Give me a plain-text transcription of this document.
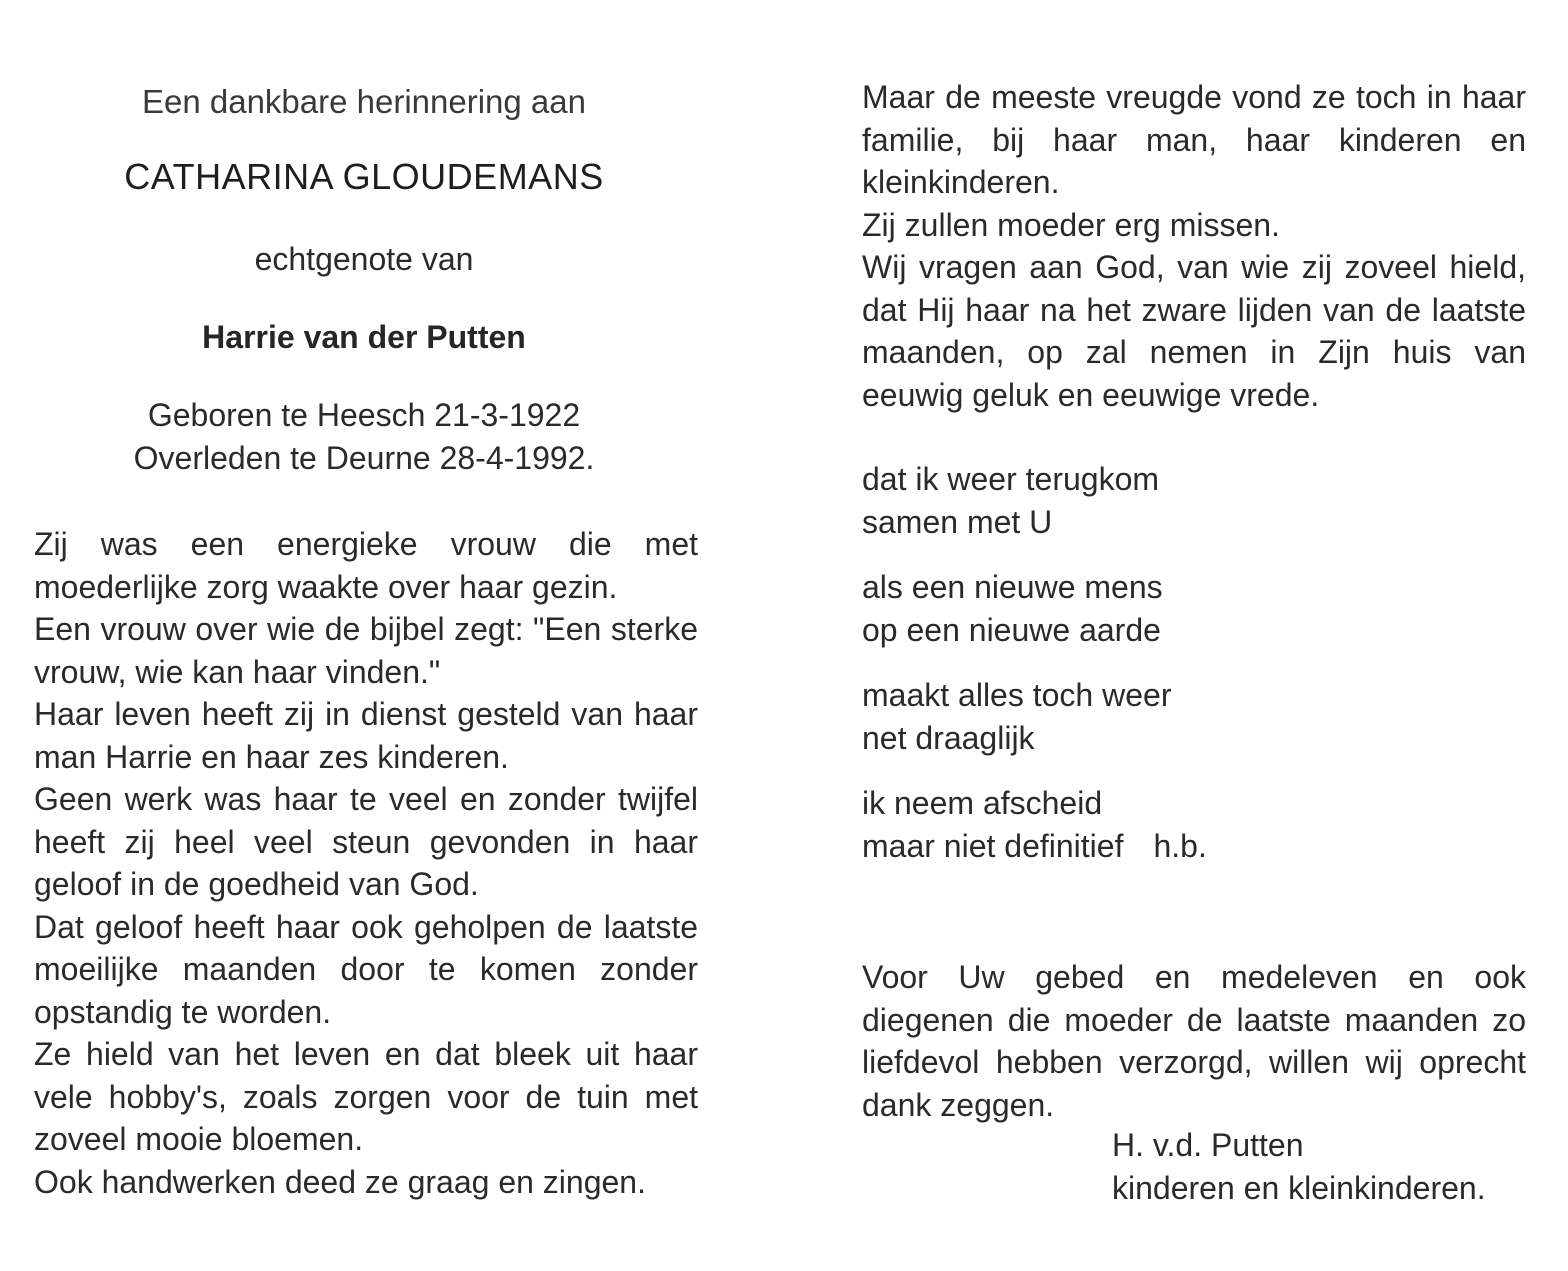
Een dankbare herinnering aan

CATHARINA GLOUDEMANS

echtgenote van

Harrie van der Putten

Geboren te Heesch 21-3-1922
Overleden te Deurne 28-4-1992.

Zij was een energieke vrouw die met moederlijke zorg waakte over haar gezin.

Een vrouw over wie de bijbel zegt: "Een sterke vrouw, wie kan haar vinden."

Haar leven heeft zij in dienst gesteld van haar man Harrie en haar zes kinderen.

Geen werk was haar te veel en zonder twijfel heeft zij heel veel steun gevonden in haar geloof in de goedheid van God.

Dat geloof heeft haar ook geholpen de laatste moeilijke maanden door te komen zonder opstandig te worden.

Ze hield van het leven en dat bleek uit haar vele hobby's, zoals zorgen voor de tuin met zoveel mooie bloemen.

Ook handwerken deed ze graag en zingen.

Maar de meeste vreugde vond ze toch in haar familie, bij haar man, haar kinderen en kleinkinderen.

Zij zullen moeder erg missen.

Wij vragen aan God, van wie zij zoveel hield, dat Hij haar na het zware lijden van de laatste maanden, op zal nemen in Zijn huis van eeuwig geluk en eeuwige vrede.

dat ik weer terugkom
samen met U
als een nieuwe mens
op een nieuwe aarde
maakt alles toch weer
net draaglijk
ik neem afscheid
maar niet definitief h.b.

Voor Uw gebed en medeleven en ook diegenen die moeder de laatste maanden zo liefdevol hebben verzorgd, willen wij oprecht dank zeggen.

H. v.d. Putten
kinderen en kleinkinderen.
